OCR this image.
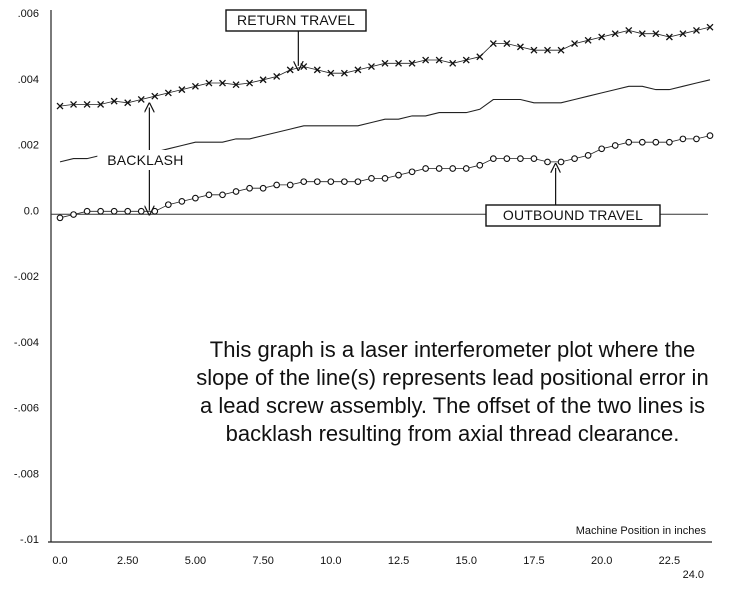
.006
.004
.002
0.0
-.002
-.004
-.006
-.008
-.01
0.0	2.50	5.00	7.50	10.0	12.5	15.0	17.5	20.0	22.5
24.0
Machine Position in inches
RETURN TRAVEL
OUTBOUND TRAVEL
BACKLASH
This graph is a laser interferometer plot where the
slope of the line(s) represents lead positional error in
a lead screw assembly. The offset of the two lines is
backlash resulting from axial thread clearance.
